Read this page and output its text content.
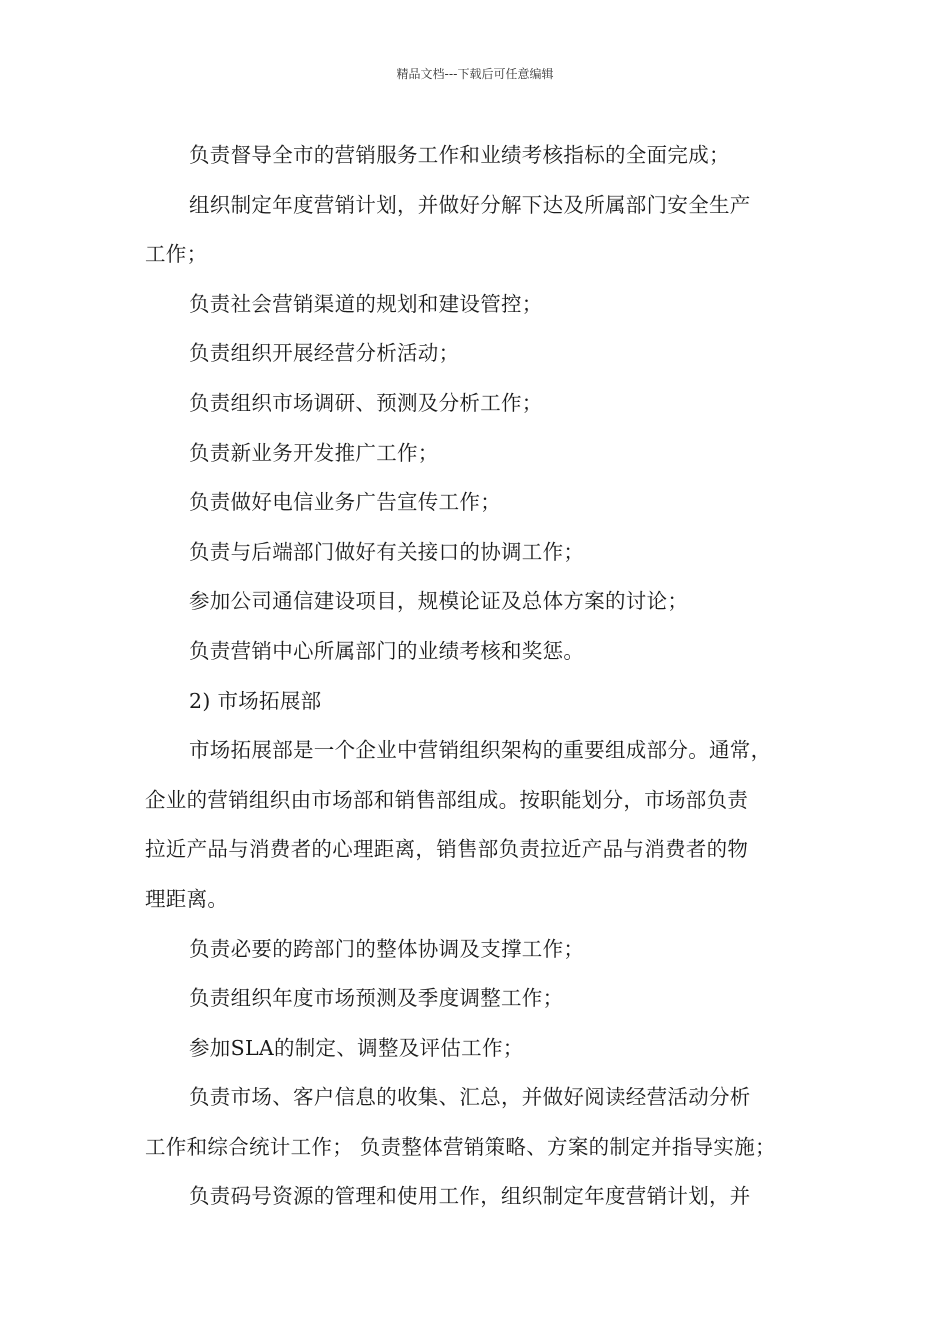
精品文档---下载后可任意编辑

负责督导全市的营销服务工作和业绩考核指标的全面完成；

组织制定年度营销计划，并做好分解下达及所属部门安全生产

工作；

负责社会营销渠道的规划和建设管控；

负责组织开展经营分析活动；

负责组织市场调研、预测及分析工作；

负责新业务开发推广工作；

负责做好电信业务广告宣传工作；

负责与后端部门做好有关接口的协调工作；

参加公司通信建设项目，规模论证及总体方案的讨论；

负责营销中心所属部门的业绩考核和奖惩。

2) 市场拓展部

市场拓展部是一个企业中营销组织架构的重要组成部分。通常，

企业的营销组织由市场部和销售部组成。按职能划分，市场部负责

拉近产品与消费者的心理距离，销售部负责拉近产品与消费者的物

理距离。

负责必要的跨部门的整体协调及支撑工作；

负责组织年度市场预测及季度调整工作；

参加SLA的制定、调整及评估工作；

负责市场、客户信息的收集、汇总，并做好阅读经营活动分析

工作和综合统计工作； 负责整体营销策略、方案的制定并指导实施；

负责码号资源的管理和使用工作，组织制定年度营销计划，并
